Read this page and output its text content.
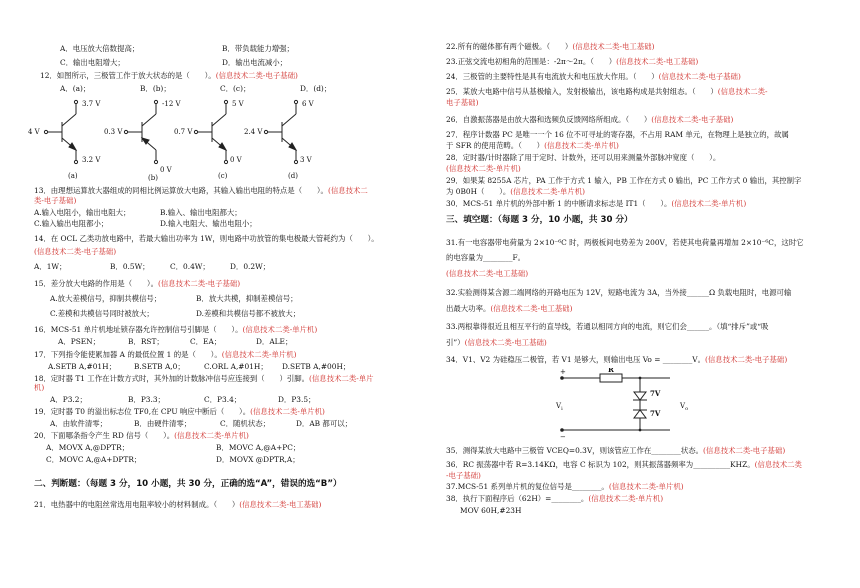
A．电压放大倍数提高；	B．带负载能力增强；
C．输出电阻增大；	D．输出电流减小；
12．如图所示，三极管工作于放大状态的是（　　）。(信息技术二类-电子基础)
A．(a)；	B．(b)；	C．(c)；	D．(d)；
4 V
3.7 V
3.2 V
(a)
0.3 V
-12 V
0 V
(b)
0.7 V
5 V
0 V
(c)
2.4 V
6 V
3 V
(d)
13．由理想运算放大器组成的同相比例运算放大电路，其输入输出电阻的特点是（　　）。(信息技术二
类-电子基础)
A.输入电阻小，输出电阻大；	B.输入、输出电阻都大；
C.输入输出电阻都小；	D.输入电阻大、输出电阻小；
14．在 OCL 乙类功放电路中，若最大输出功率为 1W，则电路中功放管的集电极最大管耗约为（　　）。
(信息技术二类-电子基础)
A．1W；	B．0.5W；	C．0.4W；	D．0.2W；
15．差分放大电路的作用是（　　）。(信息技术二类-电子基础)
A.放大差模信号，抑制共模信号；	B．放大共模，抑制差模信号；
C.差模和共模信号同时被放大；	D.差模和共模信号都不被放大；
16．MCS-51 单片机地址锁存器允许控制信号引脚是（　　）。(信息技术二类-单片机)
A．PSEN；	B．RST；	C．EA；	D．ALE；
17．下列指令能使累加器 A 的最低位置 1 的是（　　）。(信息技术二类-单片机)
A.SETB A,#01H； B.SETB A,0；	C.ORL A,#01H； D.SETB A,#00H；
18．定时器 T1 工作在计数方式时，其外加的计数脉冲信号应连接到（　　）引脚。(信息技术二类-单片
机)
A．P3.2；	B．P3.3；	C．P3.4；	D．P3.5；
19．定时器 T0 的溢出标志位 TF0,在 CPU 响应中断后（　　）。(信息技术二类-单片机)
A．由软件清零；	B．由硬件清零；	C．随机状态；	D．AB 都可以；
20．下面哪条指令产生 RD 信号（　　）。(信息技术二类-单片机)
A．MOVX A,@DPTR；	B．MOVC A,@A+PC；
C．MOVC A,@A+DPTR；	D．MOVX @DPTR,A；
二、判断题：（每题 3 分，10 小题，共 30 分，正确的选“A”，错误的选“B”）
21．电热器中的电阻丝常选用电阻率较小的材料制成。（　　）(信息技术二类-电工基础)
22.所有的磁体都有两个磁极。（　　）(信息技术二类-电工基础)
23.正弦交流电初相角的范围是：-2π～2π。（　　）(信息技术二类-电工基础)
24．三极管的主要特性是具有电流放大和电压放大作用。（　　）(信息技术二类-电子基础)
25．某放大电路中信号从基极输入，发射极输出，该电路构成是共射组态。（　　）(信息技术二类-
电子基础)
26．自激振荡器是由放大器和选频负反馈网络所组成。（　　）(信息技术二类-电子基础)
27．程序计数器 PC 是唯一一个 16 位不可寻址的寄存器，不占用 RAM 单元，在物理上是独立的，故属
于 SFR 的使用范畴。（　　）(信息技术二类-单片机)
28．定时器/计时器除了用于定时、计数外，还可以用来测量外部脉冲宽度（　　）。
(信息技术二类-单片机)
29．如果某 8255A 芯片，PA 工作于方式 1 输入，PB 工作在方式 0 输出，PC 工作方式 0 输出，其控制字
为 0B0H（　　）。(信息技术二类-单片机)
30．MCS-51 单片机的外部中断 1 的中断请求标志是 IT1（　　）。(信息技术二类-单片机)
三、填空题：（每题 3 分，10 小题，共 30 分）
31.有一电容器带电荷量为 2×10⁻⁶C 时，两极板间电势差为 200V，若使其电荷量再增加 2×10⁻⁶C，这时它
的电容量为________F。
(信息技术二类-电工基础)
32.实验测得某含源二端网络的开路电压为 12V，短路电流为 3A，当外接______Ω 负载电阻时，电源可输
出最大功率。(信息技术二类-电工基础)
33.两根靠得很近且相互平行的直导线，若通以相同方向的电流，则它们会______。（填“排斥”或“吸
引”）(信息技术二类-电工基础)
34．V1、V2 为硅稳压二极管，若 V1 是够大，则输出电压 Vo = ________V。(信息技术二类-电子基础)
R
7V
7V
+
−
$V_i$	$V_o$
35．测得某放大电路中三极管 VCEQ=0.3V，则该管应工作在________状态。(信息技术二类-电子基础)
36．RC 振荡器中若 R=3.14KΩ，电容 C 标识为 102，则其振荡器频率为__________KHZ。(信息技术二类
-电子基础)
37.MCS-51 系列单片机的复位信号是________。(信息技术二类-单片机)
38．执行下面程序后（62H）=________。(信息技术二类-单片机)
MOV 60H,#23H
